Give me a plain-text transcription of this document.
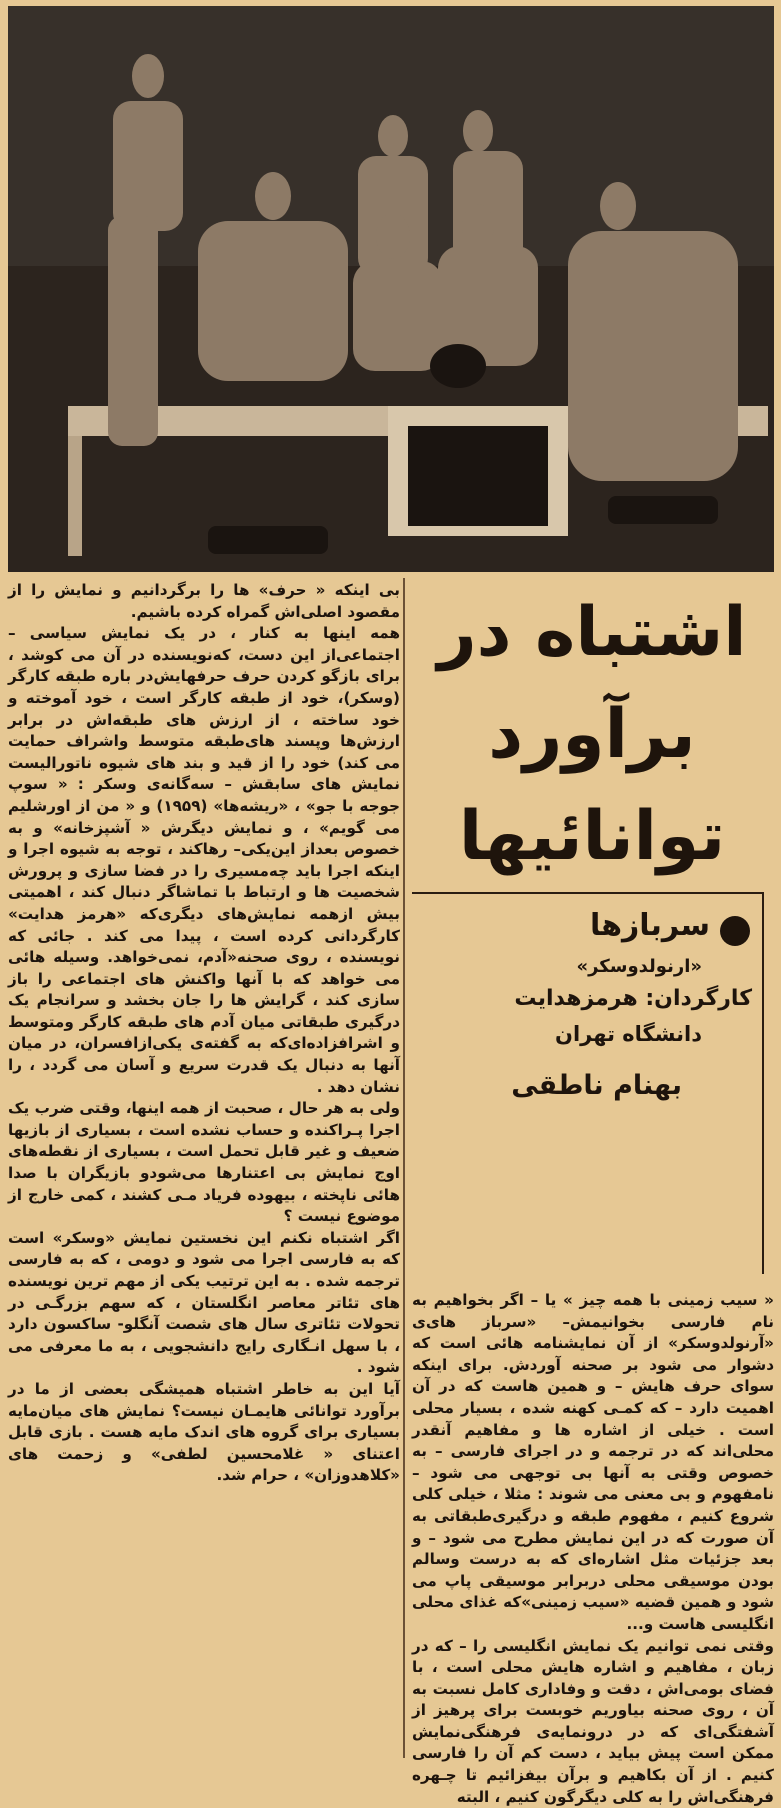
اشتباه در
برآورد
توانائیها
سربازها
«ارنولدوسکر»
کارگردان: هرمزهدایت
دانشگاه تهران
بهنام ناطقی

بی اینکه « حرف» ها را برگردانیم و نمایش را از مقصود اصلی‌اش گمراه کرده باشیم.

همه اینها به کنار ، در یک نمایش سیاسی – اجتماعی‌از این دست، که‌نویسنده در آن می کوشد ، برای بازگو کردن حرف حرفهایش‌در باره طبقه کارگر (وسکر)، خود از طبقه کارگر است ، خود آموخته و خود ساخته ، از ارزش های طبقه‌اش در برابر ارزش‌ها وپسند های‌طبقه متوسط واشراف حمایت می کند) خود را از قید و بند های شیوه ناتورالیست نمایش های سابقش – سه‌گانه‌ی وسکر : « سوپ جوجه با جو» ، «ریشه‌ها» (۱۹۵۹) و « من از اورشلیم می گویم» ، و نمایش دیگرش « آشپزخانه» و به خصوص بعداز این‌یکی– رهاکند ، توجه به شیوه اجرا و اینکه اجرا باید چه‌مسیری را در فضا سازی و پرورش شخصیت ها و ارتباط با تماشاگر دنبال کند ، اهمیتی بیش ازهمه نمایش‌های دیگری‌که «هرمز هدایت» کارگردانی کرده است ، پیدا می کند . جائی که نویسنده ، روی صحنه«آدم، نمی‌خواهد. وسیله هائی می خواهد که با آنها واکنش های اجتماعی را باز سازی کند ، گرایش ها را جان بخشد و سرانجام یک درگیری طبقاتی میان آدم های طبقه کارگر ومتوسط و اشرافزاده‌ای‌که به گفته‌ی یکی‌ازافسران، در میان آنها به دنبال یک قدرت سریع و آسان می گردد ، را نشان دهد .

ولی به هر حال ، صحبت از همه اینها، وقتی ضرب یک اجرا پـراکنده و حساب نشده است ، بسیاری از بازیها ضعیف و غیر قابل تحمل است ، بسیاری از نقطه‌های اوج نمایش بی اعتنارها می‌شودو بازیگران با صدا هائی ناپخته ، بیهوده فریاد مـی کشند ، کمی خارج از موضوع نیست ؟

اگر اشتباه نکنم این نخستین نمایش «وسکر» است که به فارسی اجرا می شود و دومی ، که به فارسی ترجمه شده . به این ترتیب یکی از مهم ترین نویسنده های تئاتر معاصر انگلستان ، که سهم بزرگـی در تحولات تئاتری سال های شصت آنگلو- ساکسون دارد ، با سهل انـگاری رایج دانشجویی ، به ما معرفی می شود .

آیا این به خاطر اشتباه همیشگی بعضی از ما در برآورد توانائی هایمـان نیست؟ نمایش های میان‌مایه بسیاری برای گروه های اندک مایه هست . بازی قابل اعتنای « غلامحسین لطفی» و زحمت های «کلاهدوزان» ، حرام شد.

« سیب زمینی با همه چیز » یا – اگر بخواهیم به نام فارسی بخوانیمش– «سرباز های‌ی «آرنولدوسکر» از آن نمایشنامه هائی است که دشوار می شود بر صحنه آوردش. برای اینکه سوای حرف هایش – و همین هاست که در آن اهمیت دارد – که کمـی کهنه شده ، بسیار محلی است . خیلی از اشاره ها و مفاهیم آنقدر محلی‌اند که در ترجمه و در اجرای فارسی – به خصوص وقتی به آنها بی توجهی می شود – نامفهوم و بی معنی می شوند : مثلا ، خیلی کلی شروع کنیم ، مفهوم طبقه و درگیری‌طبقاتی به آن صورت که در این نمایش مطرح می شود – و بعد جزئیات مثل اشاره‌ای که به درست وسالم بودن موسیقی محلی دربرابر موسیقی پاپ می شود و همین قضیه «سیب زمینی»که غذای محلی انگلیسی هاست و...

وقتی نمی توانیم یک نمایش انگلیسی را – که در زبان ، مفاهیم و اشاره هایش محلی است ، با فضای بومی‌اش ، دقت و وفاداری کامل نسبت به آن ، روی صحنه بیاوریم خوبست برای پرهیز از آشفتگی‌ای که در درونمایه‌ی فرهنگی‌نمایش ممکن است پیش بیاید ، دست کم آن را فارسی کنیم . از آن بکاهیم و برآن بیفزائیم تا چـهره فرهنگی‌اش را به کلی دیگرگون کنیم ، البته
